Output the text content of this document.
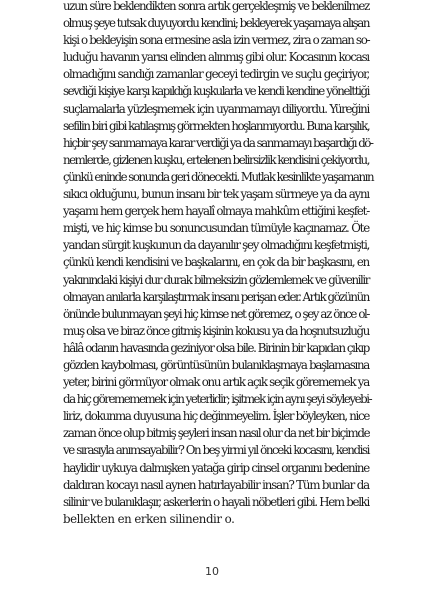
uzun süre beklendikten sonra artık gerçekleşmiş ve beklenilmez
olmuş şeye tutsak duyuyordu kendini; bekleyerek yaşamaya alışan
kişi o bekleyişin sona ermesine asla izin vermez, zira o zaman so-
luduğu havanın yarısı elinden alınmış gibi olur. Kocasının kocası
olmadığını sandığı zamanlar geceyi tedirgin ve suçlu geçiriyor,
sevdiği kişiye karşı kapıldığı kuşkularla ve kendi kendine yönelttiği
suçlamalarla yüzleşmemek için uyanmamayı diliyordu. Yüreğini
sefilin biri gibi katılaşmış görmekten hoşlanmıyordu. Buna karşılık,
hiçbir şey sanmamaya karar verdiği ya da sanmamayı başardığı dö-
nemlerde, gizlenen kuşku, ertelenen belirsizlik kendisini çekiyordu,
çünkü eninde sonunda geri dönecekti. Mutlak kesinlikte yaşamanın
sıkıcı olduğunu, bunun insanı bir tek yaşam sürmeye ya da aynı
yaşamı hem gerçek hem hayalî olmaya mahkûm ettiğini keşfet-
mişti, ve hiç kimse bu sonuncusundan tümüyle kaçınamaz. Öte
yandan sürgit kuşkunun da dayanılır şey olmadığını keşfetmişti,
çünkü kendi kendisini ve başkalarını, en çok da bir başkasını, en
yakınındaki kişiyi dur durak bilmeksizin gözlemlemek ve güvenilir
olmayan anılarla karşılaştırmak insanı perişan eder. Artık gözünün
önünde bulunmayan şeyi hiç kimse net göremez, o şey az önce ol-
muş olsa ve biraz önce gitmiş kişinin kokusu ya da hoşnutsuzluğu
hâlâ odanın havasında geziniyor olsa bile. Birinin bir kapıdan çıkıp
gözden kaybolması, görüntüsünün bulanıklaşmaya başlamasına
yeter, birini görmüyor olmak onu artık açık seçik görememek ya
da hiç göremememek için yeterlidir; işitmek için aynı şeyi söyleyebi-
liriz, dokunma duyusuna hiç değinmeyelim. İşler böyleyken, nice
zaman önce olup bitmiş şeyleri insan nasıl olur da net bir biçimde
ve sırasıyla anımsayabilir? On beş yirmi yıl önceki kocasını, kendisi
haylidir uykuya dalmışken yatağa girip cinsel organını bedenine
daldıran kocayı nasıl aynen hatırlayabilir insan? Tüm bunlar da
silinir ve bulanıklaşır, askerlerin o hayali nöbetleri gibi. Hem belki
bellekten en erken silinendir o.
10
